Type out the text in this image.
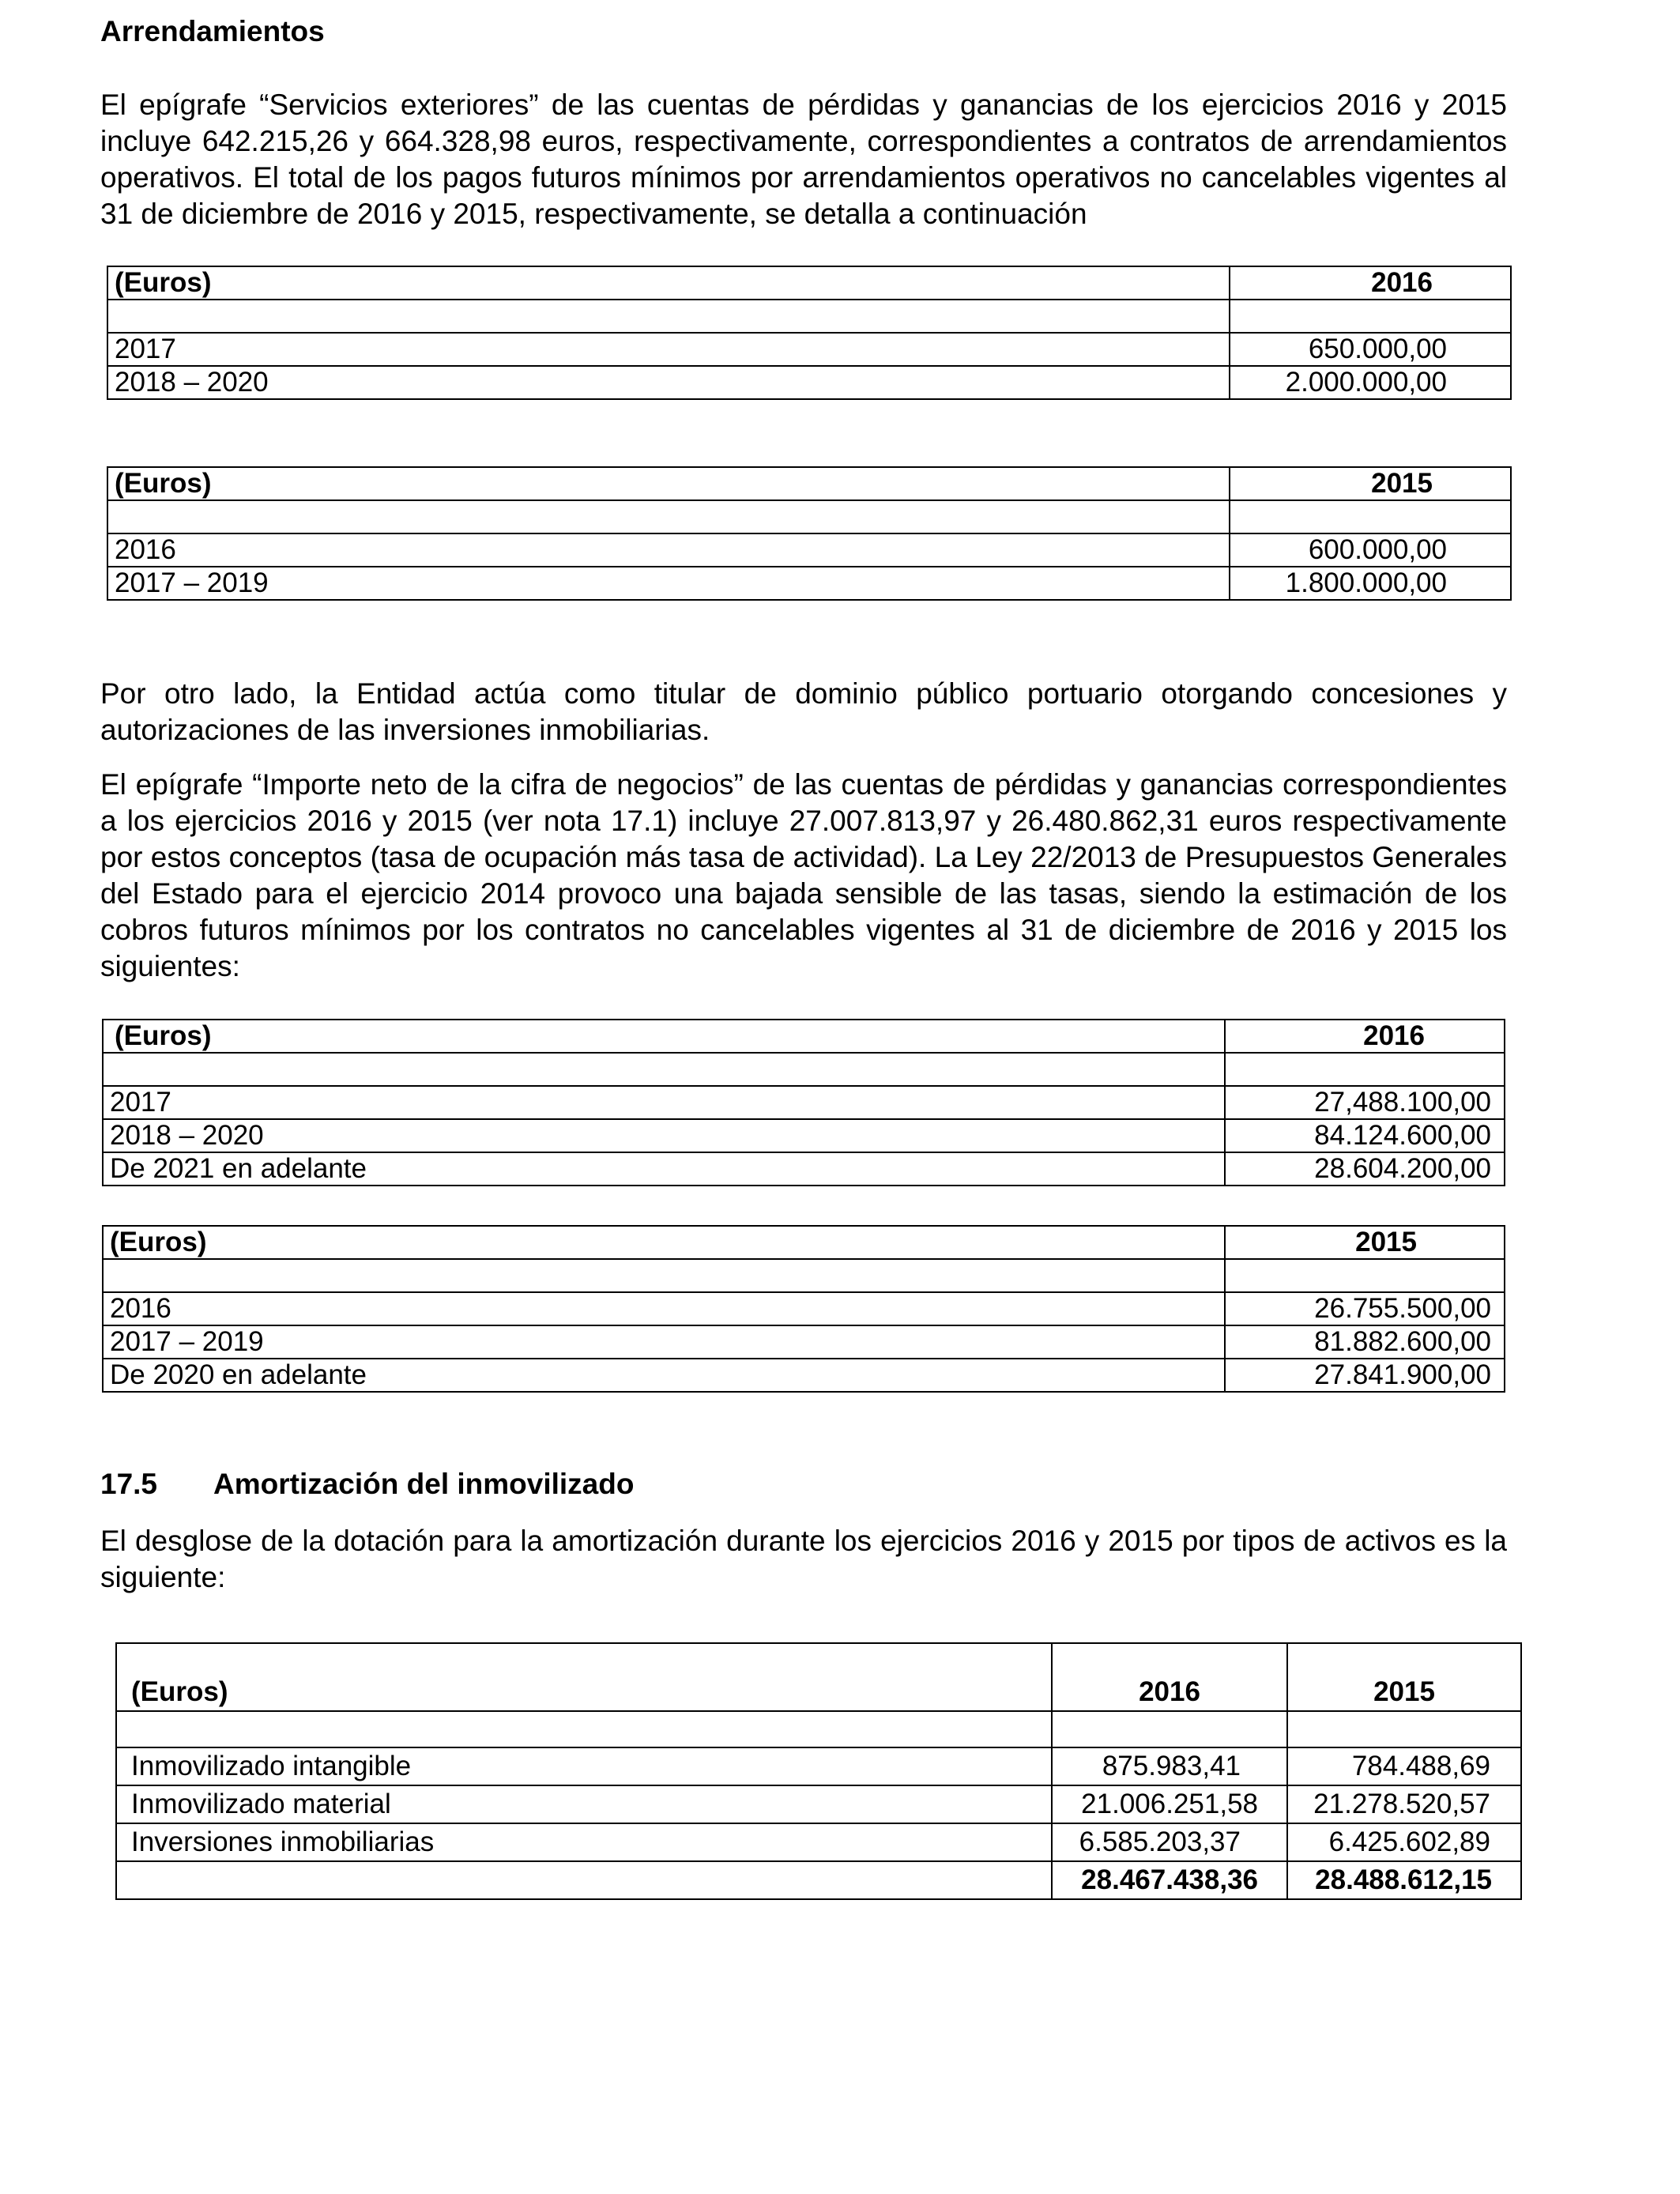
Arrendamientos

El epígrafe “Servicios exteriores” de las cuentas de pérdidas y ganancias de los ejercicios 2016 y 2015 incluye 642.215,26 y 664.328,98 euros, respectivamente, correspondientes a contratos de arrendamientos operativos. El total de los pagos futuros mínimos por arrendamientos operativos no cancelables vigentes al 31 de diciembre de 2016 y 2015, respectivamente, se detalla a continuación

(Euros)	2016

2017	650.000,00
2018 – 2020	2.000.000,00
(Euros)	2015

2016	600.000,00
2017 – 2019	1.800.000,00

Por otro lado, la Entidad actúa como titular de dominio público portuario otorgando concesiones y autorizaciones de las inversiones inmobiliarias.

El epígrafe “Importe neto de la cifra de negocios” de las cuentas de pérdidas y ganancias correspondientes a los ejercicios 2016 y 2015 (ver nota 17.1) incluye 27.007.813,97 y 26.480.862,31 euros respectivamente por estos conceptos (tasa de ocupación más tasa de actividad). La Ley 22/2013 de Presupuestos Generales del Estado para el ejercicio 2014 provoco una bajada sensible de las tasas, siendo la estimación de los cobros futuros mínimos por los contratos no cancelables vigentes al 31 de diciembre de 2016 y 2015 los siguientes:

(Euros)	2016

2017	27,488.100,00
2018 – 2020	84.124.600,00
De 2021 en adelante	28.604.200,00
(Euros)	2015

2016	26.755.500,00
2017 – 2019	81.882.600,00
De 2020 en adelante	27.841.900,00
17.5 Amortización del inmovilizado

El desglose de la dotación para la amortización durante los ejercicios 2016 y 2015 por tipos de activos es la siguiente:

(Euros)	2016	2015

Inmovilizado intangible	875.983,41	784.488,69
Inmovilizado material	21.006.251,58	21.278.520,57
Inversiones inmobiliarias	6.585.203,37	6.425.602,89
	28.467.438,36	28.488.612,15
